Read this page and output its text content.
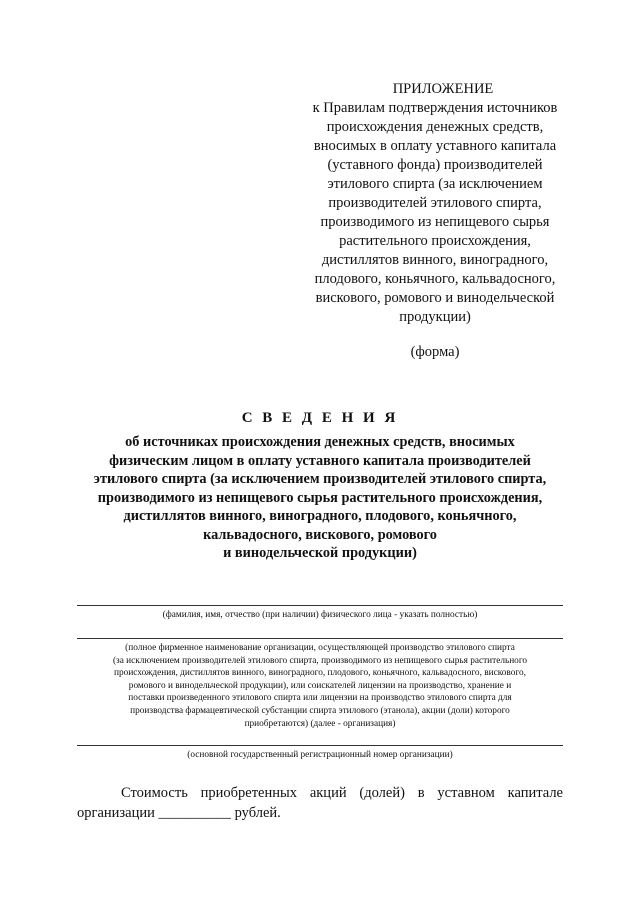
ПРИЛОЖЕНИЕ
к Правилам подтверждения источников
происхождения денежных средств,
вносимых в оплату уставного капитала
(уставного фонда) производителей
этилового спирта (за исключением
производителей этилового спирта,
производимого из непищевого сырья
растительного происхождения,
дистиллятов винного, виноградного,
плодового, коньячного, кальвадосного,
вискового, ромового и винодельческой
продукции)
(форма)
С В Е Д Е Н И Я
об источниках происхождения денежных средств, вносимых
физическим лицом в оплату уставного капитала производителей
этилового спирта (за исключением производителей этилового спирта,
производимого из непищевого сырья растительного происхождения,
дистиллятов винного, виноградного, плодового, коньячного,
кальвадосного, вискового, ромового
и винодельческой продукции)
(фамилия, имя, отчество (при наличии) физического лица - указать полностью)
(полное фирменное наименование организации, осуществляющей производство этилового спирта
(за исключением производителей этилового спирта, производимого из непищевого сырья растительного
происхождения, дистиллятов винного, виноградного, плодового, коньячного, кальвадосного, вискового,
ромового и винодельческой продукции), или соискателей лицензии на производство, хранение и
поставки произведенного этилового спирта или лицензии на производство этилового спирта для
производства фармацевтической субстанции спирта этилового (этанола), акции (доли) которого
приобретаются) (далее - организация)
(основной государственный регистрационный номер организации)
Стоимость приобретенных акций (долей) в уставном капитале
организации __________ рублей.
